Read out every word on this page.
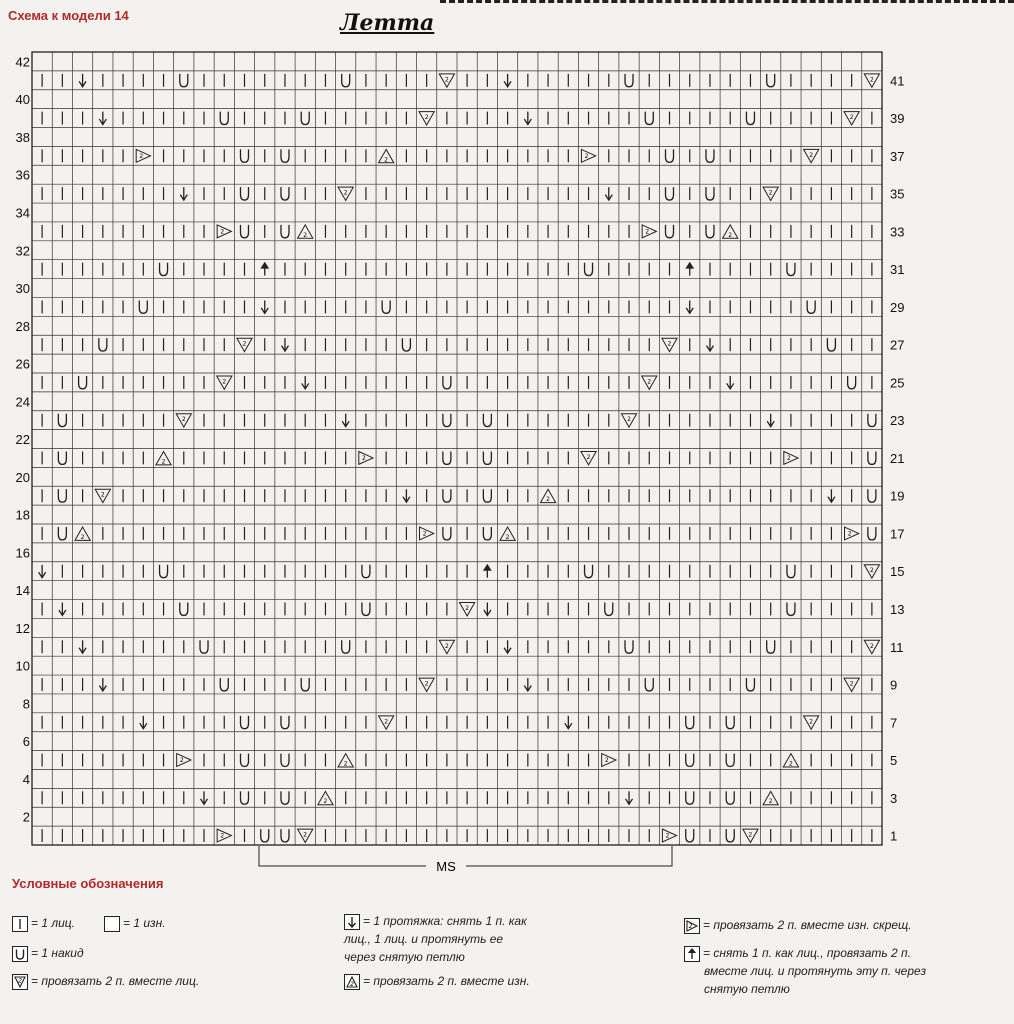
Схема к модели 14	Летта
2	2	2	2
2	2
2	2	2	2
2	2
2	2
2	2
2
2
2	2	2	2
2
2
2	2	2	2
2	2
2	2
2	2
2	2	2	2
2	2
2	2	2	2
2	2
2	2
2
4
6
8
10
12
14
16
18
20
22
24
26
28
30
32
34
36
38
40
42
1
3
5
7
9
11
13
15
17
19
21
23
25
27
29
31
33
35
37
39
41
MS
Условные обозначения
= 1 лиц.	= 1 изн.
= 1 накид
2 = провязать 2 п. вместе лиц.
= 1 протяжка: снять 1 п. как
лиц., 1 лиц. и протянуть ее
через снятую петлю
2 = провязать 2 п. вместе изн.
2 = провязать 2 п. вместе изн. скрещ.
= снять 1 п. как лиц., провязать 2 п.
вместе лиц. и протянуть эту п. через
снятую петлю
